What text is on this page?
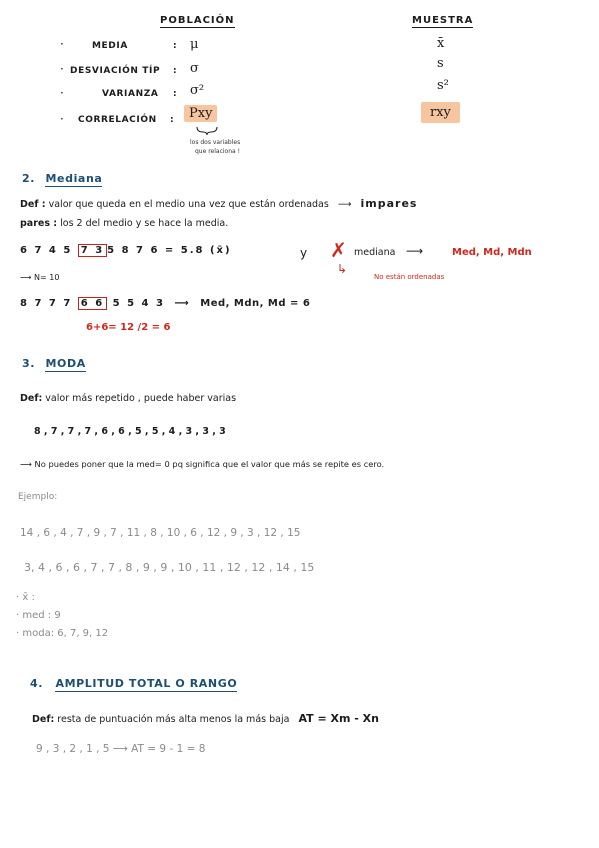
POBLACIÓN	MUESTRA
·	MEDIA	: μ	x̄
· DESVIACIÓN TÍP : σ	s
·	VARIANZA : σ²	s²
· CORRELACIÓN :	Pxy	rxy
los dos variables
que relaciona !
2. Mediana
Def : valor que queda en el medio una vez que están ordenadas ⟶ impares
pares : los 2 del medio y se hace la media.
6 7 4 5 7 3 5 8 7 6 = 5.8 (x̄)	y ✗ mediana ⟶	Med, Md, Mdn
↳
No están ordenadas
⟶ N= 10
8 7 7 7 6 6 5 5 4 3 ⟶ Med, Mdn, Md = 6
6+6= 12 /2 = 6
3. MODA
Def: valor más repetido , puede haber varias
8 , 7 , 7 , 7 , 6 , 6 , 5 , 5 , 4 , 3 , 3 , 3
⟶ No puedes poner que la med= 0 pq significa que el valor que más se repite es cero.
Ejemplo:
14 , 6 , 4 , 7 , 9 , 7 , 11 , 8 , 10 , 6 , 12 , 9 , 3 , 12 , 15
3, 4 , 6 , 6 , 7 , 7 , 8 , 9 , 9 , 10 , 11 , 12 , 12 , 14 , 15
· x̄ :
· med : 9
· moda: 6, 7, 9, 12
4. AMPLITUD TOTAL O RANGO
Def: resta de puntuación más alta menos la más baja AT = Xm - Xn
9 , 3 , 2 , 1 , 5 ⟶ AT = 9 - 1 = 8
